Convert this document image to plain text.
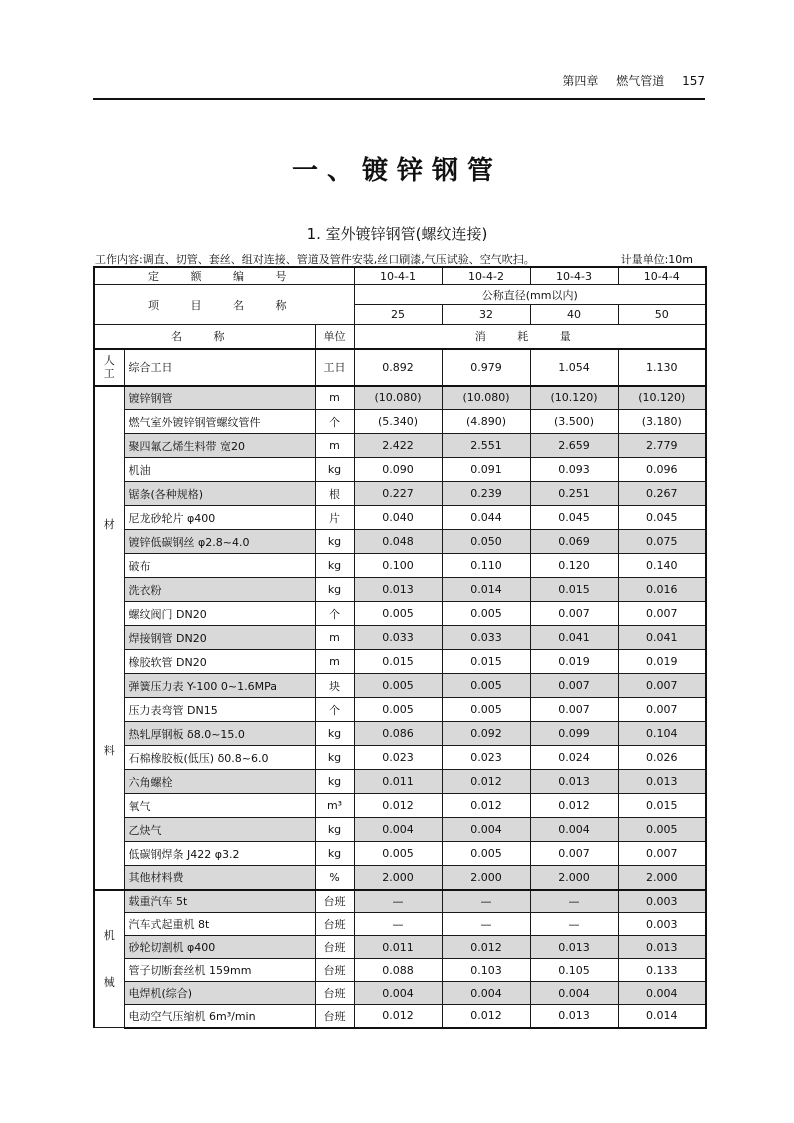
第四章 燃气管道 157
一、镀锌钢管
1. 室外镀锌钢管(螺纹连接)
工作内容:调直、切管、套丝、组对连接、管道及管件安装,丝口刷漆,气压试验、空气吹扫。	计量单位:10m
定 额 编 号			10-4-1	10-4-2	10-4-3	10-4-4
项 目 名 称			公称直径(mm以内)			
			25	32	40	50
名 称		单位	消 耗 量			

人
工	综合工日	工日	0.892	0.979	1.054	1.130

材
料	镀锌钢管	m	(10.080)	(10.080)	(10.120)	(10.120)
	燃气室外镀锌钢管螺纹管件	个	(5.340)	(4.890)	(3.500)	(3.180)
	聚四氟乙烯生料带 宽20	m	2.422	2.551	2.659	2.779
	机油	kg	0.090	0.091	0.093	0.096
	锯条(各种规格)	根	0.227	0.239	0.251	0.267
	尼龙砂轮片 φ400	片	0.040	0.044	0.045	0.045
	镀锌低碳钢丝 φ2.8~4.0	kg	0.048	0.050	0.069	0.075
	破布	kg	0.100	0.110	0.120	0.140
	洗衣粉	kg	0.013	0.014	0.015	0.016
	螺纹阀门 DN20	个	0.005	0.005	0.007	0.007
	焊接钢管 DN20	m	0.033	0.033	0.041	0.041
	橡胶软管 DN20	m	0.015	0.015	0.019	0.019
	弹簧压力表 Y-100 0~1.6MPa	块	0.005	0.005	0.007	0.007
	压力表弯管 DN15	个	0.005	0.005	0.007	0.007
	热轧厚钢板 δ8.0~15.0	kg	0.086	0.092	0.099	0.104
	石棉橡胶板(低压) δ0.8~6.0	kg	0.023	0.023	0.024	0.026
	六角螺栓	kg	0.011	0.012	0.013	0.013
	氧气	m³	0.012	0.012	0.012	0.015
	乙炔气	kg	0.004	0.004	0.004	0.005
	低碳钢焊条 J422 φ3.2	kg	0.005	0.005	0.007	0.007
	其他材料费	%	2.000	2.000	2.000	2.000

机
械	载重汽车 5t	台班	—	—	—	0.003
	汽车式起重机 8t	台班	—	—	—	0.003
	砂轮切割机 φ400	台班	0.011	0.012	0.013	0.013
	管子切断套丝机 159mm	台班	0.088	0.103	0.105	0.133
	电焊机(综合)	台班	0.004	0.004	0.004	0.004
	电动空气压缩机 6m³/min	台班	0.012	0.012	0.013	0.014
